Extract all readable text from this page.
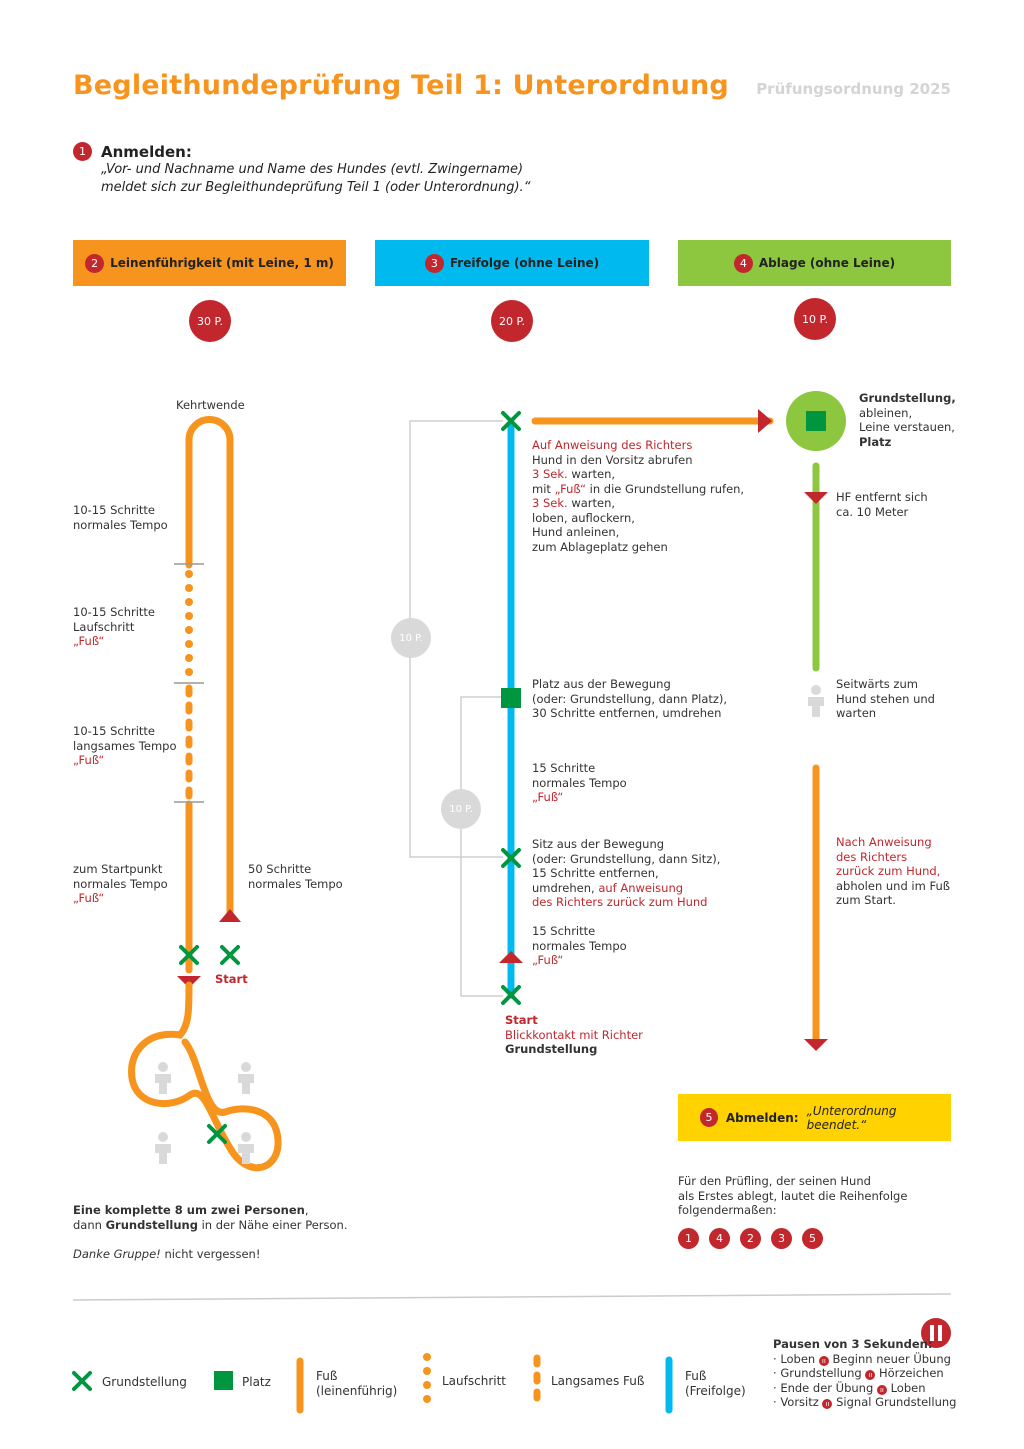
Begleithundeprüfung Teil 1: Unterordnung Prüfungsordnung 2025
1	Anmelden:
„Vor- und Nachname und Name des Hundes (evtl. Zwingername)
meldet sich zur Begleithundeprüfung Teil 1 (oder Unterordnung).“
2	Leinenführigkeit (mit Leine, 1 m)	3	Freifolge (ohne Leine)	4	Ablage (ohne Leine)
30 P.	20 P.	10 P.
Kehrtwende
10-15 Schritte
normales Tempo
10-15 Schritte
Laufschritt
„Fuß“
10-15 Schritte
langsames Tempo
„Fuß“
zum Startpunkt
normales Tempo
„Fuß“
50 Schritte
normales Tempo
Start
Eine komplette 8 um zwei Personen,
dann Grundstellung in der Nähe einer Person.
Danke Gruppe! nicht vergessen!
Auf Anweisung des Richters
Hund in den Vorsitz abrufen
3 Sek. warten,
mit „Fuß“ in die Grundstellung rufen,
3 Sek. warten,
loben, auflockern,
Hund anleinen,
zum Ablageplatz gehen
10 P.
10 P.
Platz aus der Bewegung
(oder: Grundstellung, dann Platz),
30 Schritte entfernen, umdrehen
15 Schritte
normales Tempo
„Fuß“
Sitz aus der Bewegung
(oder: Grundstellung, dann Sitz),
15 Schritte entfernen,
umdrehen, auf Anweisung
des Richters zurück zum Hund
15 Schritte
normales Tempo
„Fuß“
Start
Blickkontakt mit Richter
Grundstellung
Grundstellung,
ableinen,
Leine verstauen,
Platz
HF entfernt sich
ca. 10 Meter
Seitwärts zum
Hund stehen und
warten
Nach Anweisung
des Richters
zurück zum Hund,
abholen und im Fuß
zum Start.
5	Abmelden: „Unterordnung beendet.“
Für den Prüfling, der seinen Hund
als Erstes ablegt, lautet die Reihenfolge
folgendermaßen:
1	4	2	3	5
Grundstellung	Platz	Fuß
(leinenführig)
Laufschritt	Langsames Fuß	Fuß
(Freifolge)
Pausen von 3 Sekunden:
· Loben ıı Beginn neuer Übung
· Grundstellung ıı Hörzeichen
· Ende der Übung ıı Loben
· Vorsitz ıı Signal Grundstellung
